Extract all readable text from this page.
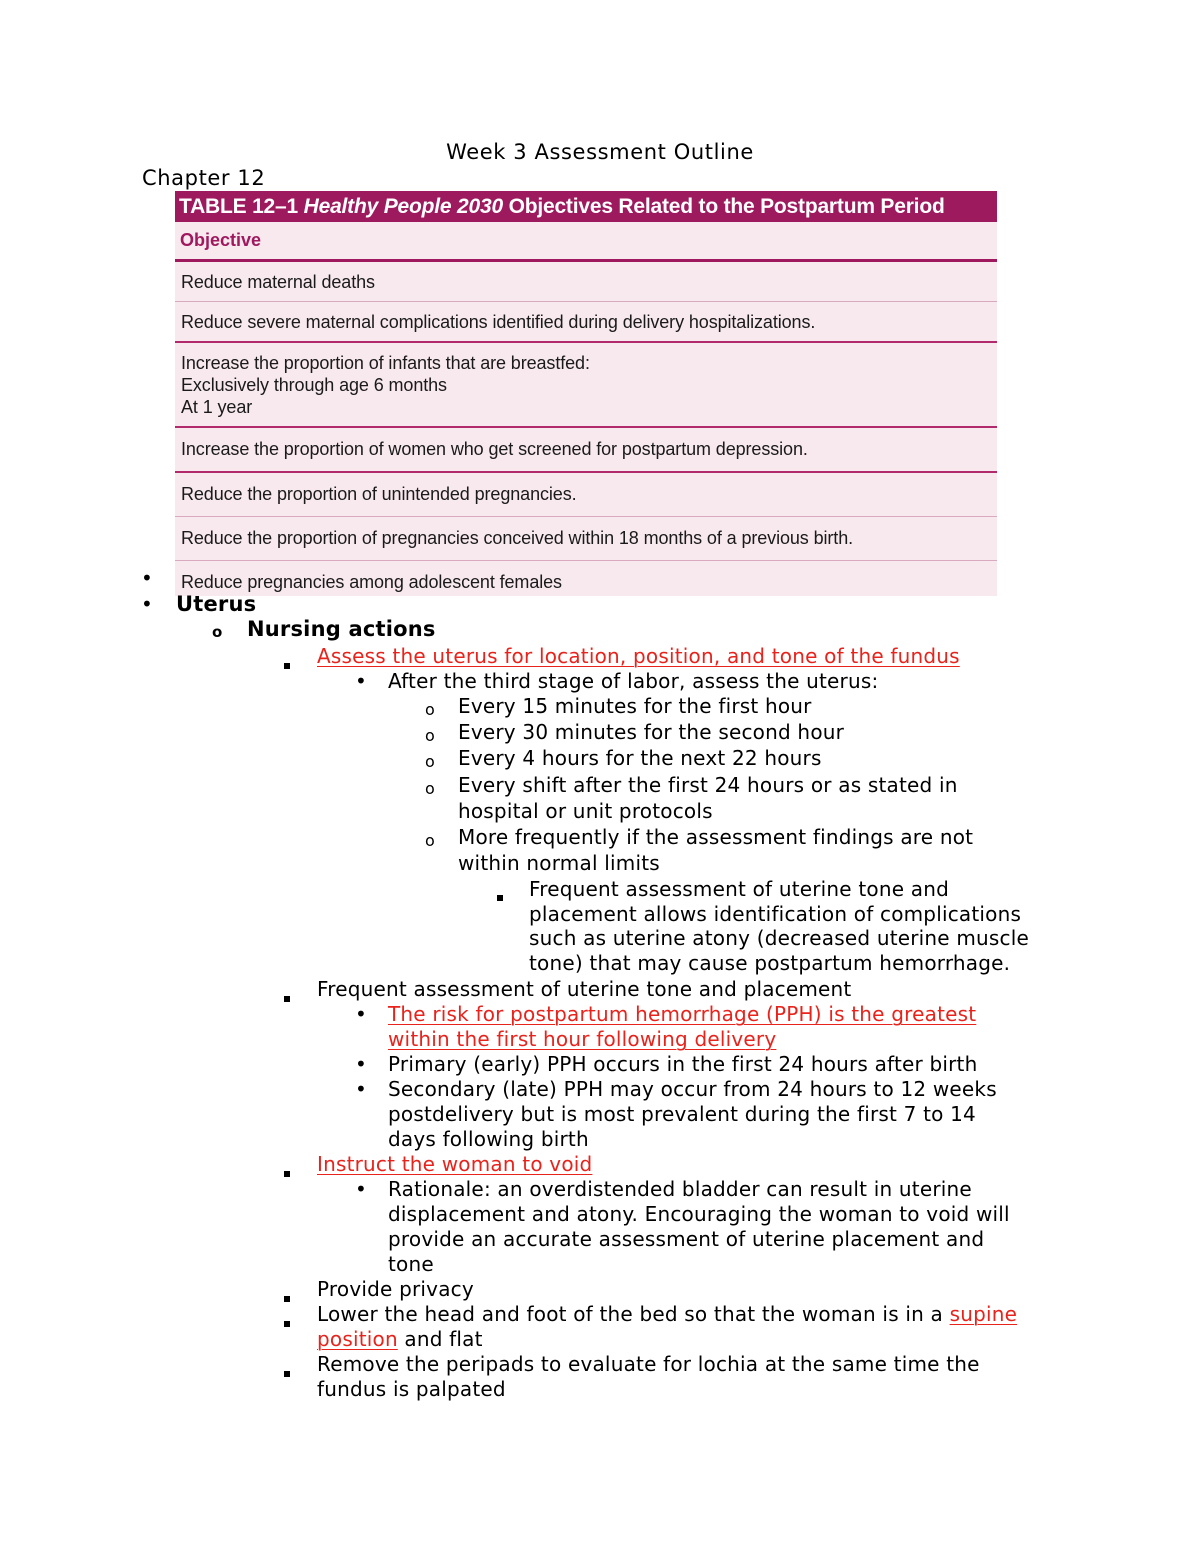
Week 3 Assessment Outline
Chapter 12
TABLE 12–1 Healthy People 2030 Objectives Related to the Postpartum Period
Objective
Reduce maternal deaths
Reduce severe maternal complications identified during delivery hospitalizations.
Increase the proportion of infants that are breastfed:
Exclusively through age 6 months
At 1 year
Increase the proportion of women who get screened for postpartum depression.
Reduce the proportion of unintended pregnancies.
Reduce the proportion of pregnancies conceived within 18 months of a previous birth.
Reduce pregnancies among adolescent females
•
• Uterus
o Nursing actions
Assess the uterus for location, position, and tone of the fundus
• After the third stage of labor, assess the uterus:
o Every 15 minutes for the first hour
o Every 30 minutes for the second hour
o Every 4 hours for the next 22 hours
o Every shift after the first 24 hours or as stated in
hospital or unit protocols
o More frequently if the assessment findings are not
within normal limits
Frequent assessment of uterine tone and
placement allows identification of complications
such as uterine atony (decreased uterine muscle
tone) that may cause postpartum hemorrhage.
Frequent assessment of uterine tone and placement
• The risk for postpartum hemorrhage (PPH) is the greatest
within the first hour following delivery
• Primary (early) PPH occurs in the first 24 hours after birth
• Secondary (late) PPH may occur from 24 hours to 12 weeks
postdelivery but is most prevalent during the first 7 to 14
days following birth
Instruct the woman to void
• Rationale: an overdistended bladder can result in uterine
displacement and atony. Encouraging the woman to void will
provide an accurate assessment of uterine placement and
tone
Provide privacy
Lower the head and foot of the bed so that the woman is in a supine
position and flat
Remove the peripads to evaluate for lochia at the same time the
fundus is palpated
